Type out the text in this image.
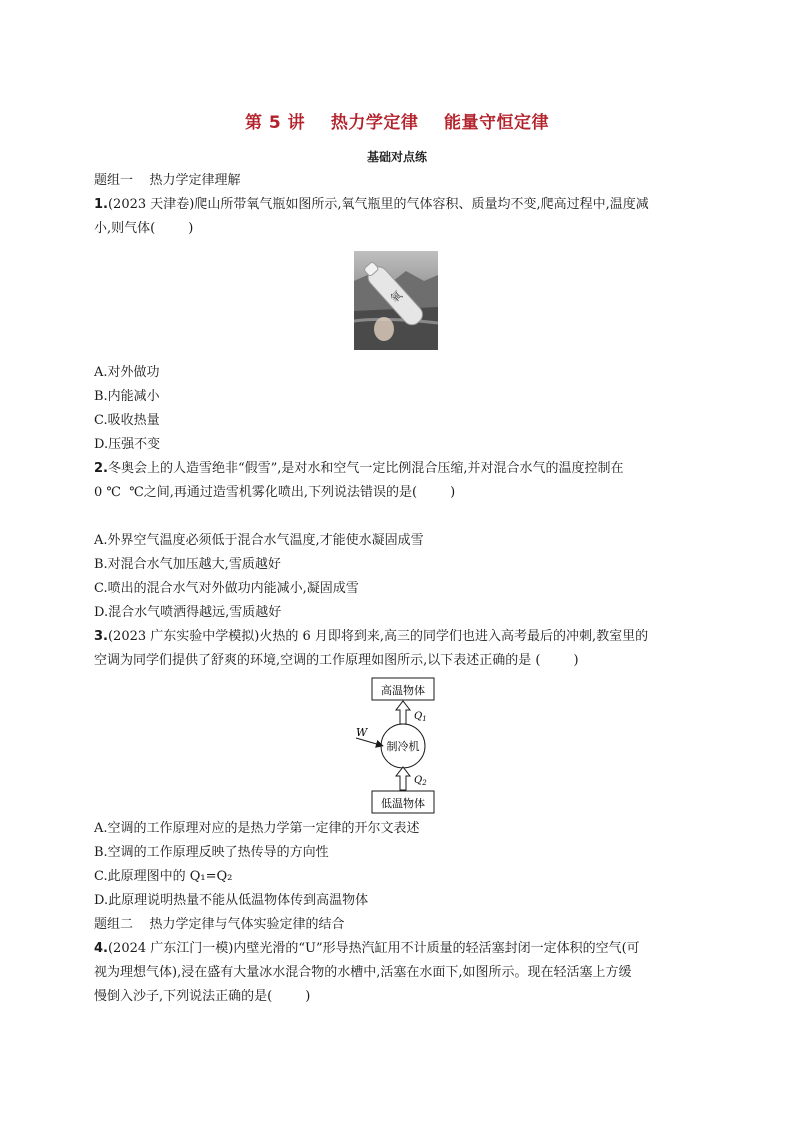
第 5 讲    热力学定律    能量守恒定律
基础对点练
题组一    热力学定律理解
1.(2023 天津卷)爬山所带氧气瓶如图所示,氧气瓶里的气体容积、质量均不变,爬高过程中,温度减
小,则气体(        )
氧
A.对外做功
B.内能减小
C.吸收热量
D.压强不变
2.冬奥会上的人造雪绝非“假雪”,是对水和空气一定比例混合压缩,并对混合水气的温度控制在
0 ℃  ℃之间,再通过造雪机雾化喷出,下列说法错误的是(        )
A.外界空气温度必须低于混合水气温度,才能使水凝固成雪
B.对混合水气加压越大,雪质越好
C.喷出的混合水气对外做功内能减小,凝固成雪
D.混合水气喷洒得越远,雪质越好
3.(2023 广东实验中学模拟)火热的 6 月即将到来,高三的同学们也进入高考最后的冲刺,教室里的
空调为同学们提供了舒爽的环境,空调的工作原理如图所示,以下表述正确的是 (        )
高温物体
$Q_1$
制冷机
W
$Q_2$
低温物体
A.空调的工作原理对应的是热力学第一定律的开尔文表述
B.空调的工作原理反映了热传导的方向性
C.此原理图中的 Q₁=Q₂
D.此原理说明热量不能从低温物体传到高温物体
题组二    热力学定律与气体实验定律的结合
4.(2024 广东江门一模)内壁光滑的“U”形导热汽缸用不计质量的轻活塞封闭一定体积的空气(可
视为理想气体),浸在盛有大量冰水混合物的水槽中,活塞在水面下,如图所示。现在轻活塞上方缓
慢倒入沙子,下列说法正确的是(        )
